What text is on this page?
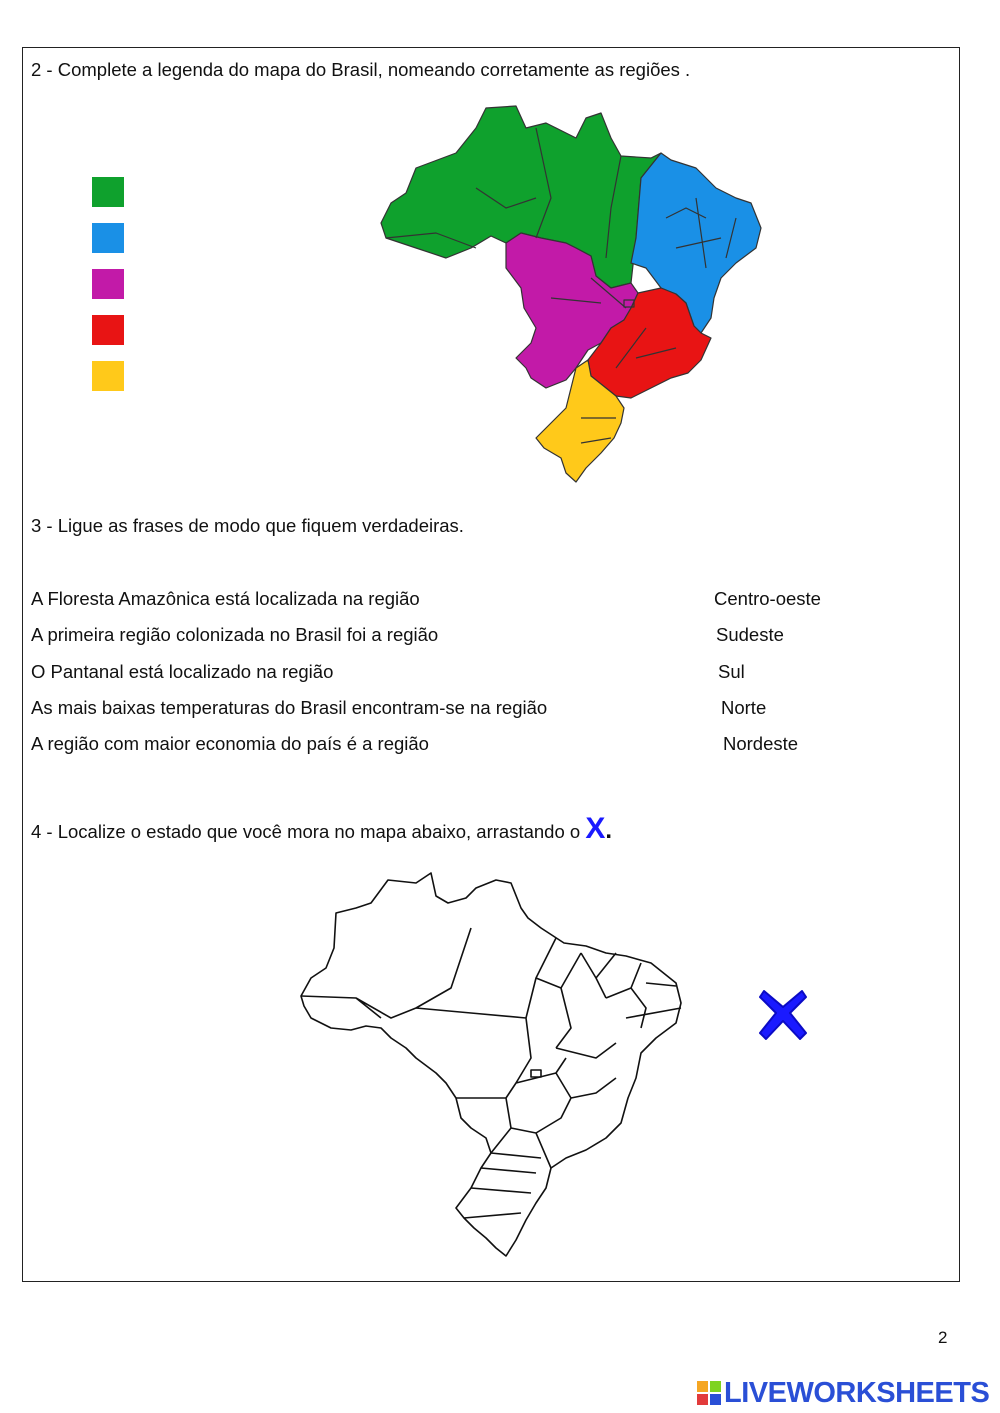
2 - Complete a legenda do mapa do Brasil, nomeando corretamente as regiões .
3 - Ligue as frases de modo que fiquem verdadeiras.
A Floresta Amazônica está localizada na região
A primeira região colonizada no Brasil foi a região
O Pantanal está localizado na região
As mais baixas temperaturas do Brasil encontram-se na região
A região com maior economia do país é a região
Centro-oeste
Sudeste
Sul
Norte
Nordeste
4 - Localize o estado que você mora no mapa abaixo, arrastando o X.
2
LIVEWORKSHEETS
